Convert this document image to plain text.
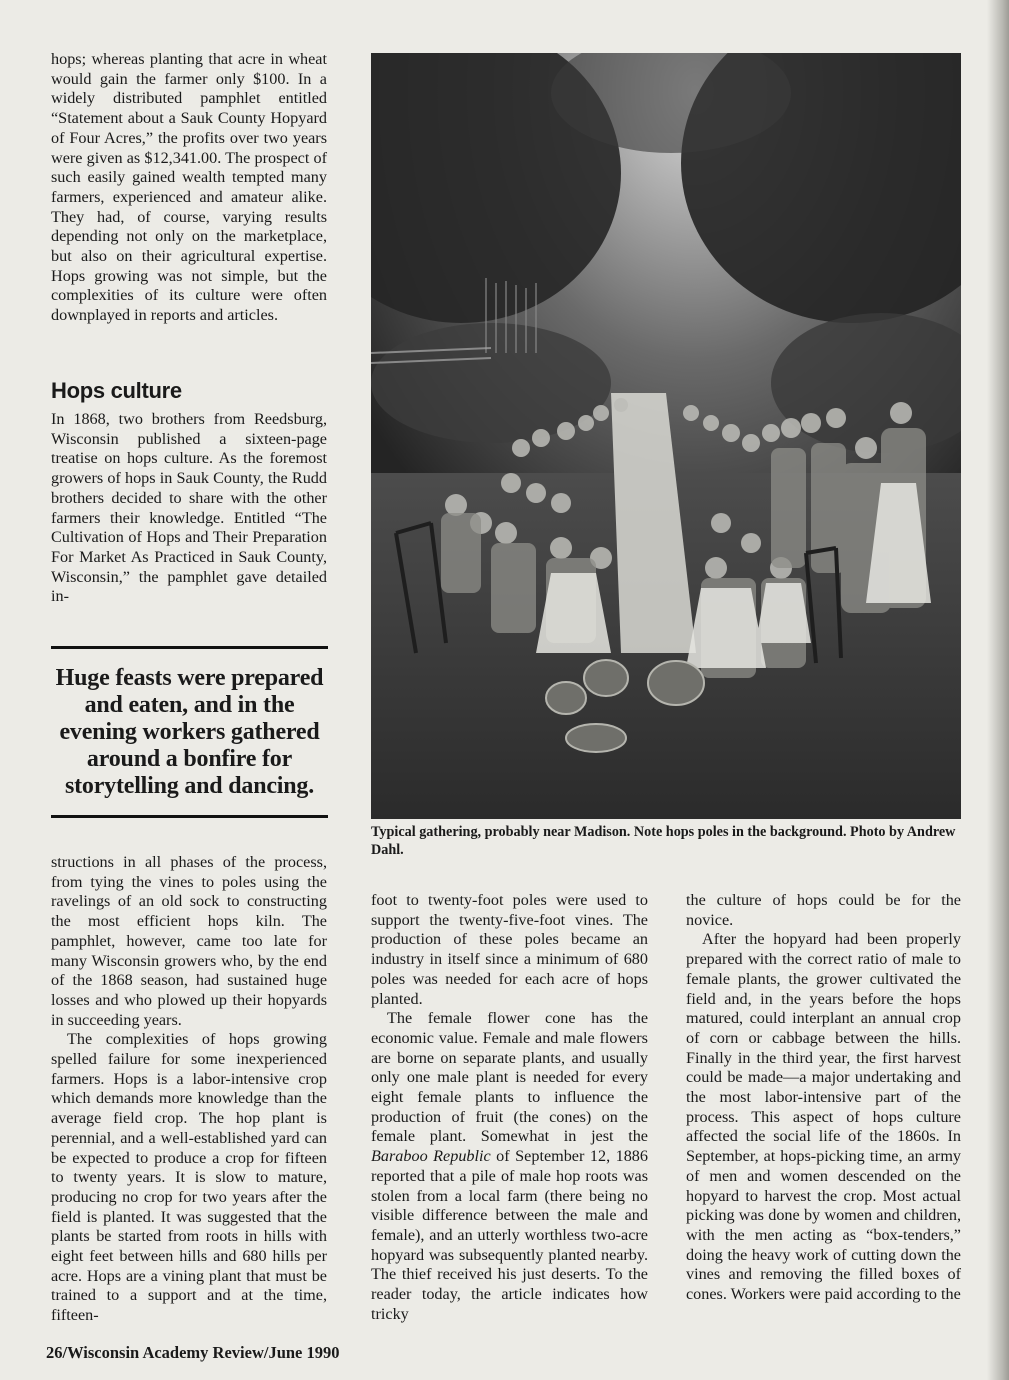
hops; whereas planting that acre in wheat would gain the farmer only $100. In a widely distributed pamphlet entitled “Statement about a Sauk County Hopyard of Four Acres,” the profits over two years were given as $12,341.00. The prospect of such easily gained wealth tempted many farmers, experienced and amateur alike. They had, of course, varying results depending not only on the marketplace, but also on their agricultural expertise. Hops growing was not simple, but the complexities of its culture were often downplayed in reports and articles.

Hops culture

In 1868, two brothers from Reedsburg, Wisconsin published a sixteen-page treatise on hops culture. As the foremost growers of hops in Sauk County, the Rudd brothers decided to share with the other farmers their knowledge. Entitled “The Cultivation of Hops and Their Preparation For Market As Practiced in Sauk County, Wisconsin,” the pamphlet gave detailed in-

Huge feasts were prepared and eaten, and in the evening workers gathered around a bonfire for storytelling and dancing.

structions in all phases of the process, from tying the vines to poles using the ravelings of an old sock to constructing the most efficient hops kiln. The pamphlet, however, came too late for many Wisconsin growers who, by the end of the 1868 season, had sustained huge losses and who plowed up their hopyards in succeeding years.

The complexities of hops growing spelled failure for some inexperienced farmers. Hops is a labor-intensive crop which demands more knowledge than the average field crop. The hop plant is perennial, and a well-established yard can be expected to produce a crop for fifteen to twenty years. It is slow to mature, producing no crop for two years after the field is planted. It was suggested that the plants be started from roots in hills with eight feet between hills and 680 hills per acre. Hops are a vining plant that must be trained to a support and at the time, fifteen-

Typical gathering, probably near Madison. Note hops poles in the background. Photo by Andrew Dahl.

foot to twenty-foot poles were used to support the twenty-five-foot vines. The production of these poles became an industry in itself since a minimum of 680 poles was needed for each acre of hops planted.

The female flower cone has the economic value. Female and male flowers are borne on separate plants, and usually only one male plant is needed for every eight female plants to influence the production of fruit (the cones) on the female plant. Somewhat in jest the Baraboo Republic of September 12, 1886 reported that a pile of male hop roots was stolen from a local farm (there being no visible difference between the male and female), and an utterly worthless two-acre hopyard was subsequently planted nearby. The thief received his just deserts. To the reader today, the article indicates how tricky

the culture of hops could be for the novice.

After the hopyard had been properly prepared with the correct ratio of male to female plants, the grower cultivated the field and, in the years before the hops matured, could interplant an annual crop of corn or cabbage between the hills. Finally in the third year, the first harvest could be made—a major undertaking and the most labor-intensive part of the process. This aspect of hops culture affected the social life of the 1860s. In September, at hops-picking time, an army of men and women descended on the hopyard to harvest the crop. Most actual picking was done by women and children, with the men acting as “box-tenders,” doing the heavy work of cutting down the vines and removing the filled boxes of cones. Workers were paid according to the

26/Wisconsin Academy Review/June 1990
